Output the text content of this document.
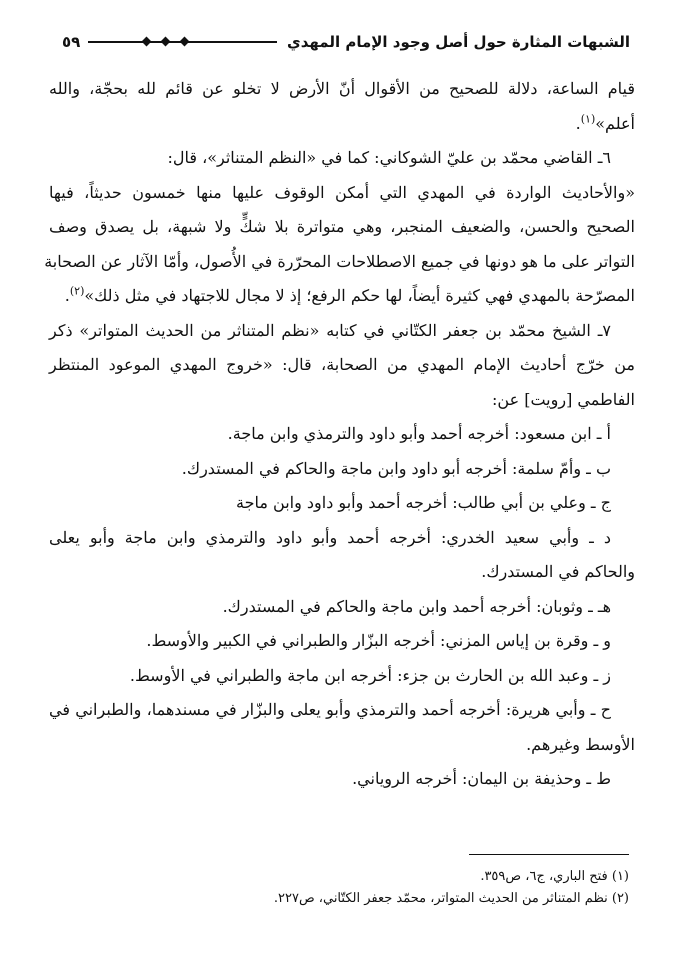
الشبهات المثارة حول أصل وجود الإمام المهدي
٥٩
قيام الساعة، دلالة للصحيح من الأقوال أنّ الأرض لا تخلو عن قائم لله بحجّة، والله
أعلم»$^{(١)}$.
٦ـ القاضي محمّد بن عليّ الشوكاني: كما في «النظم المتناثر»، قال:
«والأحاديث الواردة في المهدي التي أمكن الوقوف عليها منها خمسون حديثاً، فيها
الصحيح والحسن، والضعيف المنجبر، وهي متواترة بلا شكٍّ ولا شبهة، بل يصدق وصف
التواتر على ما هو دونها في جميع الاصطلاحات المحرّرة في الأُصول، وأمّا الآثار عن الصحابة
المصرّحة بالمهدي فهي كثيرة أيضاً، لها حكم الرفع؛ إذ لا مجال للاجتهاد في مثل ذلك»$^{(٢)}$.
٧ـ الشيخ محمّد بن جعفر الكتّاني في كتابه «نظم المتناثر من الحديث المتواتر» ذكر
من خرّج أحاديث الإمام المهدي من الصحابة، قال: «خروج المهدي الموعود المنتظر
الفاطمي [رويت] عن:
أ ـ ابن مسعود: أخرجه أحمد وأبو داود والترمذي وابن ماجة.
ب ـ وأمّ سلمة: أخرجه أبو داود وابن ماجة والحاكم في المستدرك.
ج ـ وعلي بن أبي طالب: أخرجه أحمد وأبو داود وابن ماجة
د ـ وأبي سعيد الخدري: أخرجه أحمد وأبو داود والترمذي وابن ماجة وأبو يعلى
والحاكم في المستدرك.
هـ ـ وثوبان: أخرجه أحمد وابن ماجة والحاكم في المستدرك.
و ـ وقرة بن إياس المزني: أخرجه البزّار والطبراني في الكبير والأوسط.
ز ـ وعبد الله بن الحارث بن جزء: أخرجه ابن ماجة والطبراني في الأوسط.
ح ـ وأبي هريرة: أخرجه أحمد والترمذي وأبو يعلى والبزّار في مسندهما، والطبراني في
الأوسط وغيرهم.
ط ـ وحذيفة بن اليمان: أخرجه الروياني.
(١) فتح الباري، ج٦، ص٣٥٩.
(٢) نظم المتناثر من الحديث المتواتر، محمّد جعفر الكتّاني، ص٢٢٧.
